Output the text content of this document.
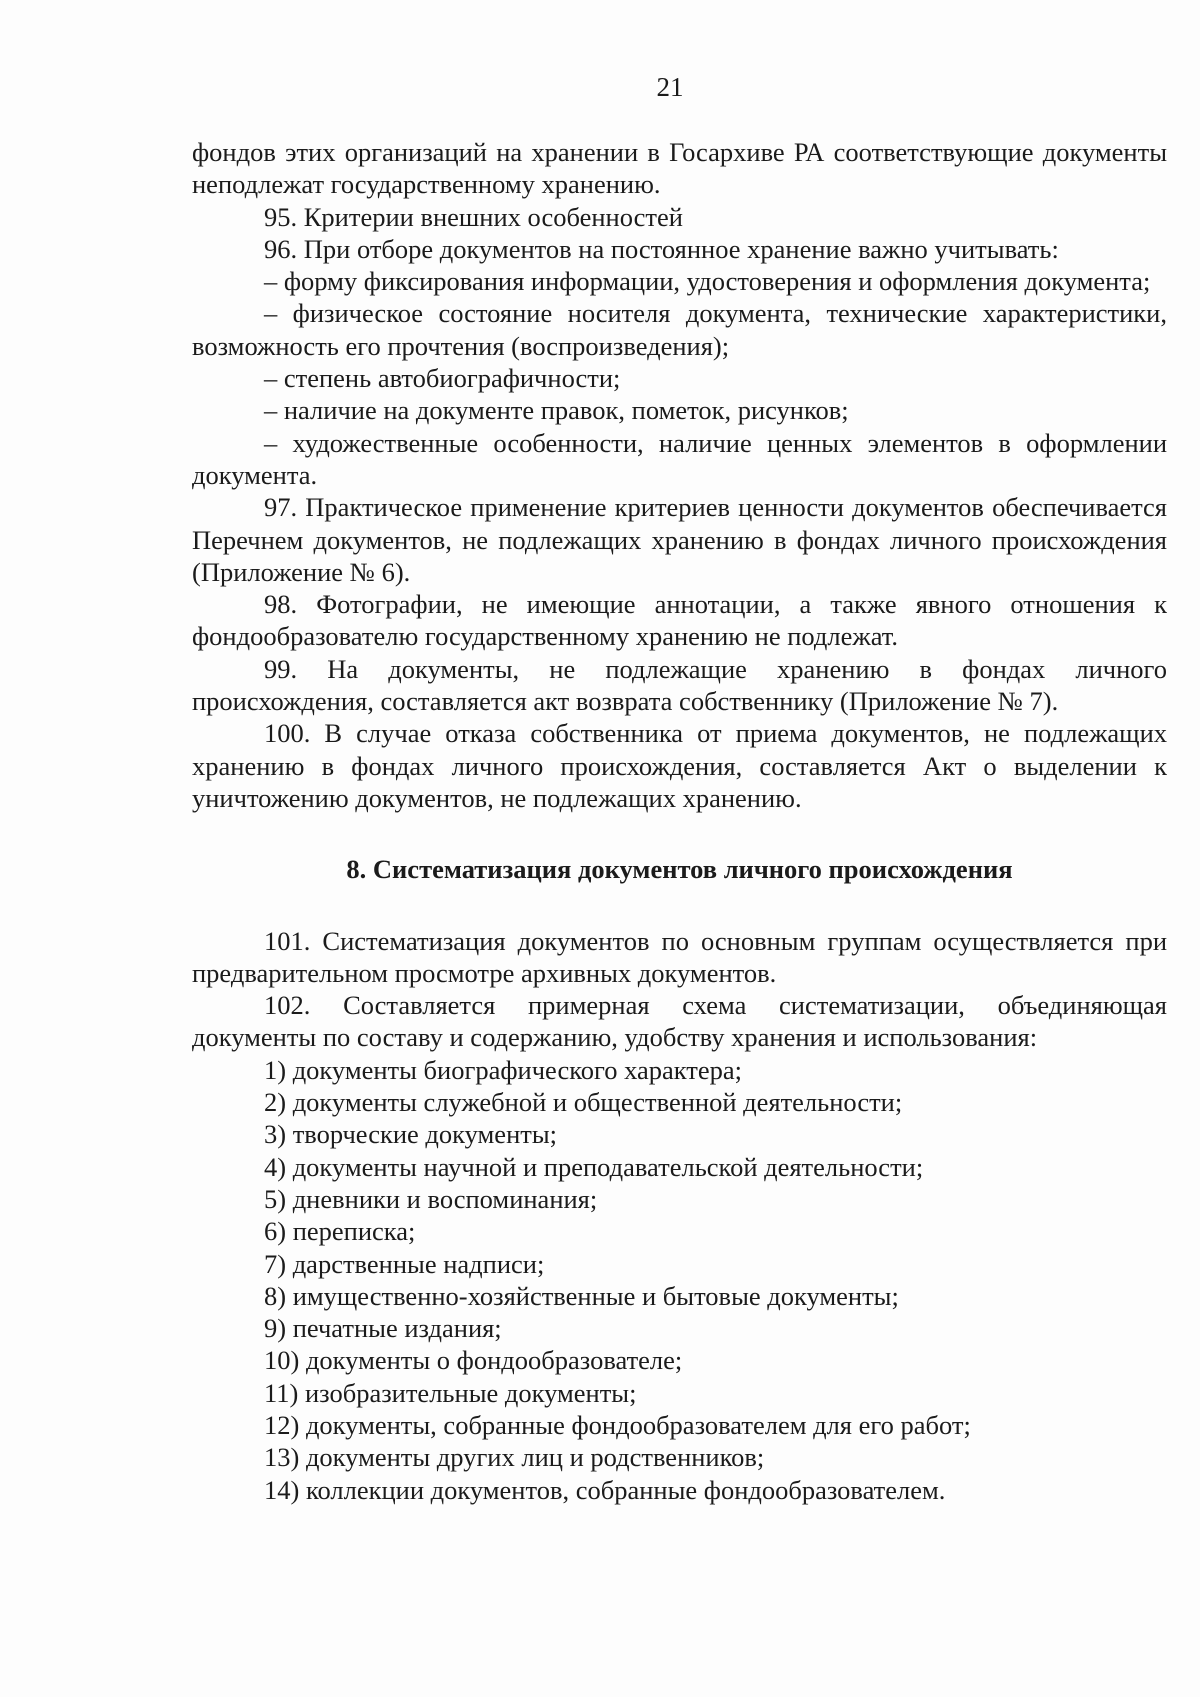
21

фондов этих организаций на хранении в Госархиве РА соответствующие документы неподлежат государственному хранению.

95. Критерии внешних особенностей

96. При отборе документов на постоянное хранение важно учитывать:

– форму фиксирования информации, удостоверения и оформления документа;

– физическое состояние носителя документа, технические характеристики, возможность его прочтения (воспроизведения);

– степень автобиографичности;

– наличие на документе правок, пометок, рисунков;

– художественные особенности, наличие ценных элементов в оформлении документа.

97. Практическое применение критериев ценности документов обеспечивается Перечнем документов, не подлежащих хранению в фондах личного происхождения (Приложение № 6).

98. Фотографии, не имеющие аннотации, а также явного отношения к фондообразователю государственному хранению не подлежат.

99. На документы, не подлежащие хранению в фондах личного происхождения, составляется акт возврата собственнику (Приложение № 7).

100. В случае отказа собственника от приема документов, не подлежащих хранению в фондах личного происхождения, составляется Акт о выделении к уничтожению документов, не подлежащих хранению.

8. Систематизация документов личного происхождения

101. Систематизация документов по основным группам осуществляется при предварительном просмотре архивных документов.

102. Составляется примерная схема систематизации, объединяющая документы по составу и содержанию, удобству хранения и использования:

1) документы биографического характера;

2) документы служебной и общественной деятельности;

3) творческие документы;

4) документы научной и преподавательской деятельности;

5) дневники и воспоминания;

6) переписка;

7) дарственные надписи;

8) имущественно-хозяйственные и бытовые документы;

9) печатные издания;

10) документы о фондообразователе;

11) изобразительные документы;

12) документы, собранные фондообразователем для его работ;

13) документы других лиц и родственников;

14) коллекции документов, собранные фондообразователем.
